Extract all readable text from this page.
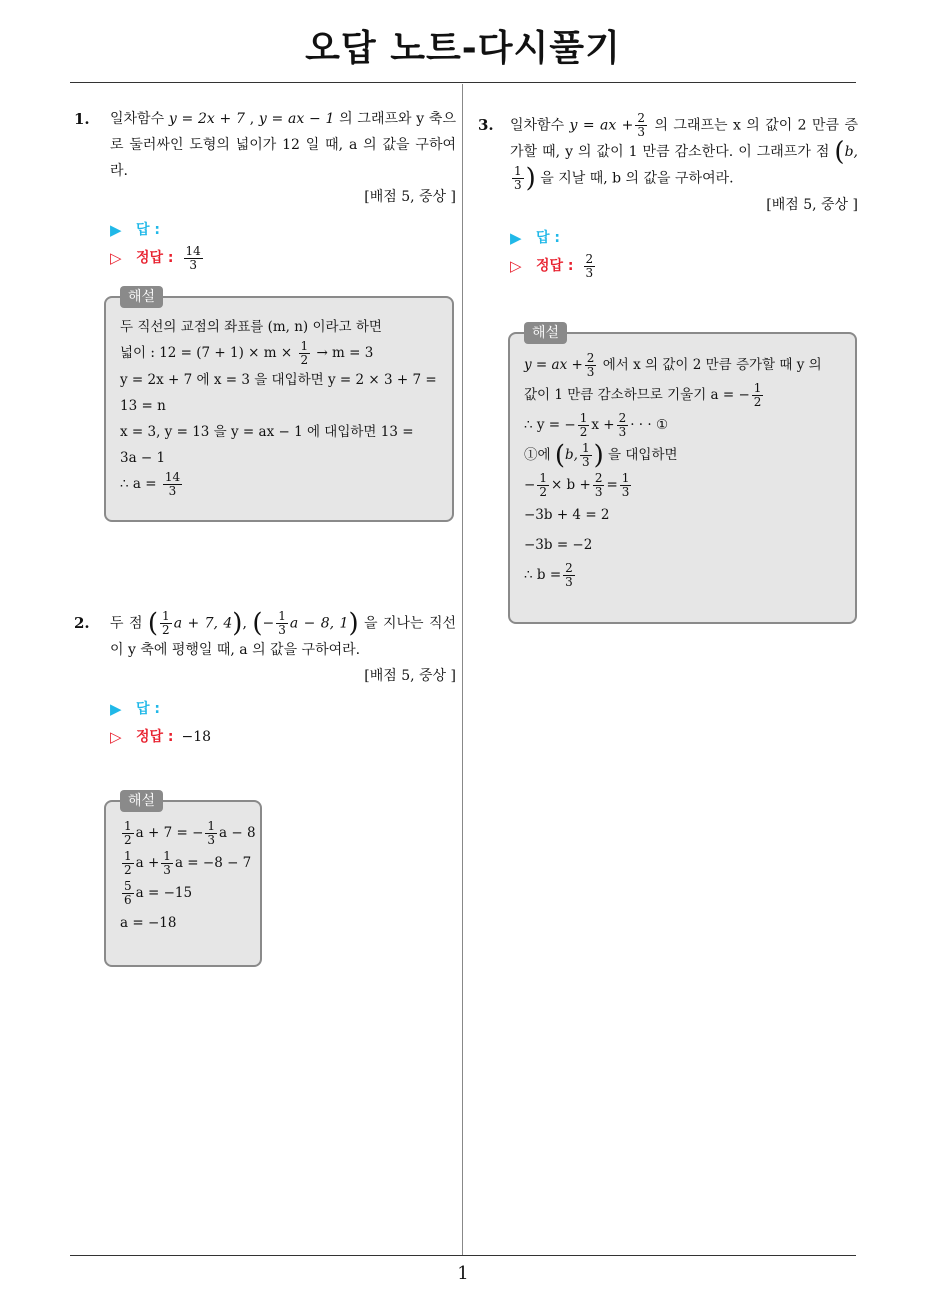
오답 노트-다시풀기
1. 일차함수 y = 2x + 7 , y = ax − 1 의 그래프와 y 축으로 둘러싸인 도형의 넓이가 12 일 때, a 의 값을 구하여라.
[배점 5, 중상 ]
▶	답 :
▷	정답 : $\frac{14}{3}$
해설
두 직선의 교점의 좌표를 (m, n) 이라고 하면
넓이 : $12 = (7 + 1) \times m \times \frac{1}{2} \to m = 3$
y = 2x + 7 에 x = 3 을 대입하면 y = 2 × 3 + 7 =
13 = n
x = 3, y = 13 을 y = ax − 1 에 대입하면 13 =
3a − 1
∴ $a = \frac{14}{3}$
2. 두 점 ( $\frac{1}{2}$ a + 7, 4), (− $\frac{1}{3}$ a − 8, 1) 을 지나는 직선이 y 축에 평행일 때, a 의 값을 구하여라.
[배점 5, 중상 ]
▶	답 :
▷	정답 : −18
해설
$\frac{1}{2}$ a + 7 = − $\frac{1}{3}$ a − 8
$\frac{1}{2}$ $a + \frac{1}{3}$ a = −8 − 7
$\frac{5}{6}$ a = −15
a = −18
3. 일차함수 y = ax + $\frac{2}{3}$ 의 그래프는 x 의 값이 2 만큼 증가할 때, y 의 값이 1 만큼 감소한다. 이 그래프가 점 (b,
$\frac{1}{3}$ ) 을 지날 때, b 의 값을 구하여라.
[배점 5, 중상 ]
▶	답 :
▷	정답 : $\frac{2}{3}$
해설
y = ax + $\frac{2}{3}$ 에서 x 의 값이 2 만큼 증가할 때 y 의
값이 1 만큼 감소하므로 기울기 a = − $\frac{1}{2}$
∴ y = − $\frac{1}{2}$ $x + \frac{2}{3}$ · · · ①
①에 (b, $\frac{1}{3}$ ) 을 대입하면
− $\frac{1}{2} \times b + \frac{2}{3} = \frac{1}{3}$
−3b + 4 = 2
−3b = −2
∴ $b = \frac{2}{3}$
1
